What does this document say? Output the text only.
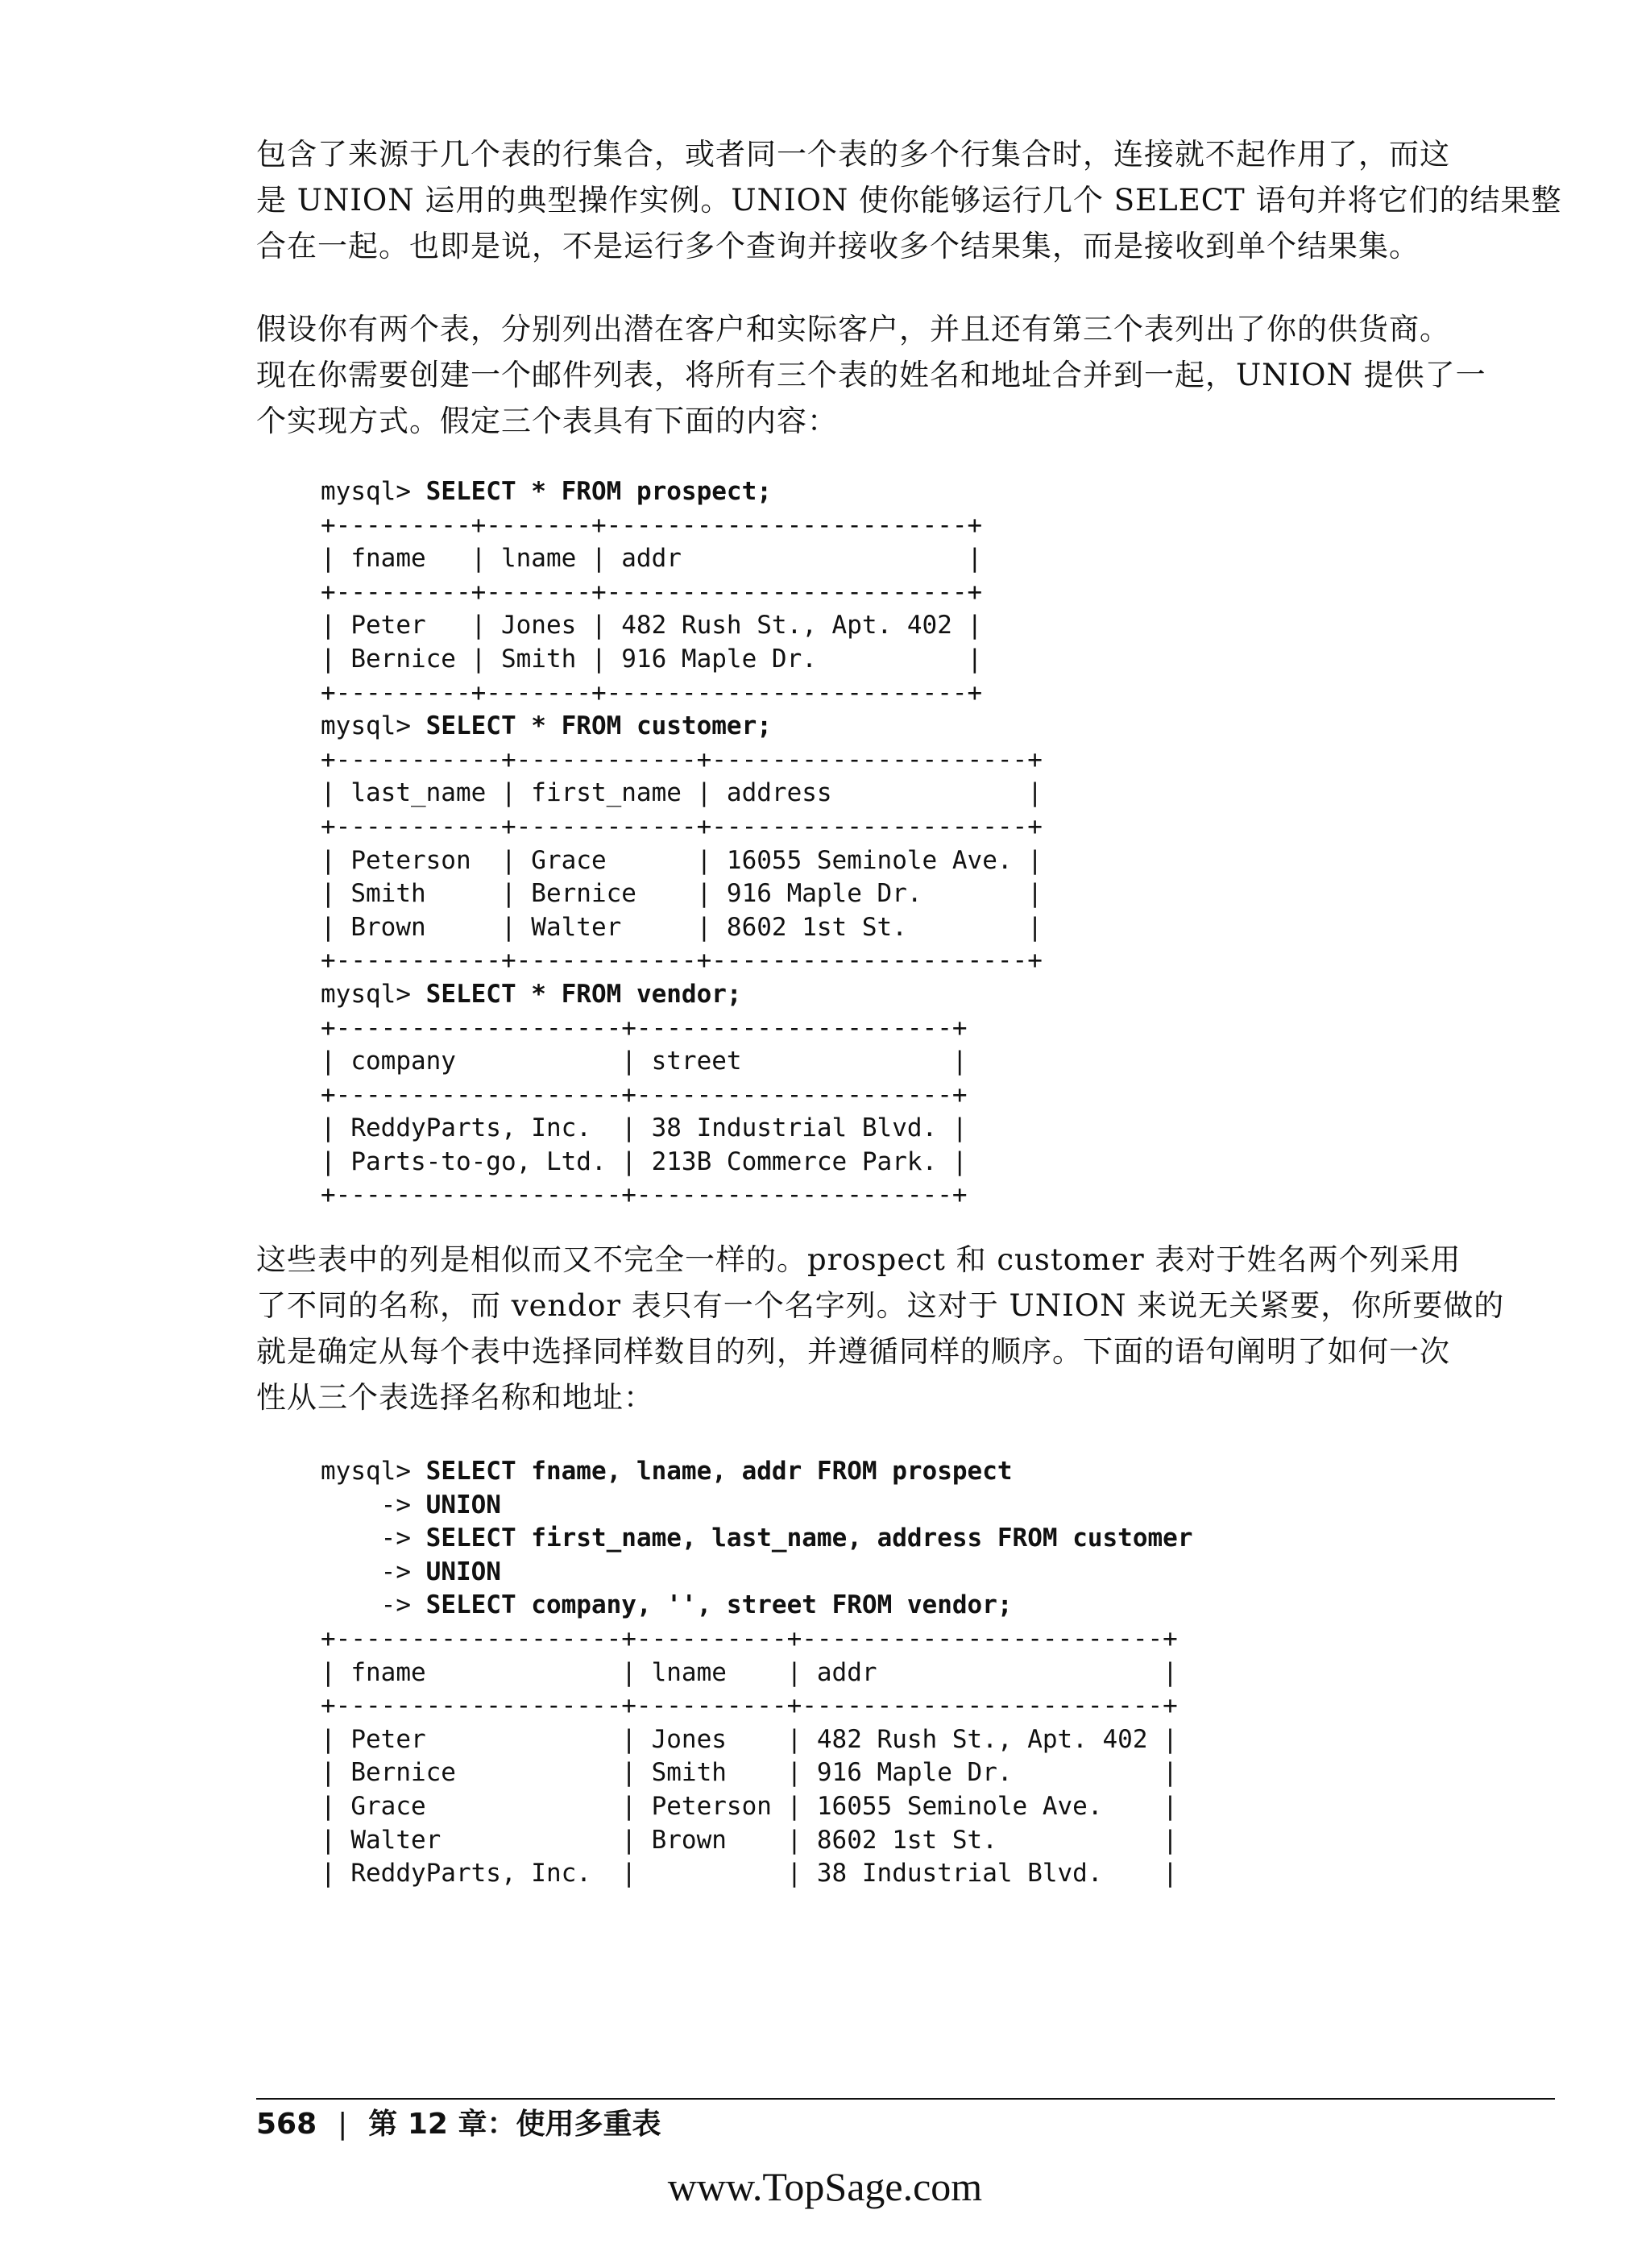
包含了来源于几个表的行集合，或者同一个表的多个行集合时，连接就不起作用了，而这
是 UNION 运用的典型操作实例。UNION 使你能够运行几个 SELECT 语句并将它们的结果整
合在一起。也即是说，不是运行多个查询并接收多个结果集，而是接收到单个结果集。
假设你有两个表，分别列出潜在客户和实际客户，并且还有第三个表列出了你的供货商。
现在你需要创建一个邮件列表，将所有三个表的姓名和地址合并到一起，UNION 提供了一
个实现方式。假定三个表具有下面的内容：
mysql> SELECT * FROM prospect;
+---------+-------+------------------------+
| fname   | lname | addr                   |
+---------+-------+------------------------+
| Peter   | Jones | 482 Rush St., Apt. 402 |
| Bernice | Smith | 916 Maple Dr.          |
+---------+-------+------------------------+
mysql> SELECT * FROM customer;
+-----------+------------+---------------------+
| last_name | first_name | address             |
+-----------+------------+---------------------+
| Peterson  | Grace      | 16055 Seminole Ave. |
| Smith     | Bernice    | 916 Maple Dr.       |
| Brown     | Walter     | 8602 1st St.        |
+-----------+------------+---------------------+
mysql> SELECT * FROM vendor;
+-------------------+---------------------+
| company           | street              |
+-------------------+---------------------+
| ReddyParts, Inc.  | 38 Industrial Blvd. |
| Parts-to-go, Ltd. | 213B Commerce Park. |
+-------------------+---------------------+
这些表中的列是相似而又不完全一样的。prospect 和 customer 表对于姓名两个列采用
了不同的名称，而 vendor 表只有一个名字列。这对于 UNION 来说无关紧要，你所要做的
就是确定从每个表中选择同样数目的列，并遵循同样的顺序。下面的语句阐明了如何一次
性从三个表选择名称和地址：
mysql> SELECT fname, lname, addr FROM prospect
-> UNION
-> SELECT first_name, last_name, address FROM customer
-> UNION
-> SELECT company, '', street FROM vendor;
+-------------------+----------+------------------------+
| fname             | lname    | addr                   |
+-------------------+----------+------------------------+
| Peter             | Jones    | 482 Rush St., Apt. 402 |
| Bernice           | Smith    | 916 Maple Dr.          |
| Grace             | Peterson | 16055 Seminole Ave.    |
| Walter            | Brown    | 8602 1st St.           |
| ReddyParts, Inc.  |          | 38 Industrial Blvd.    |
568 | 第 12 章：使用多重表
www.TopSage.com
